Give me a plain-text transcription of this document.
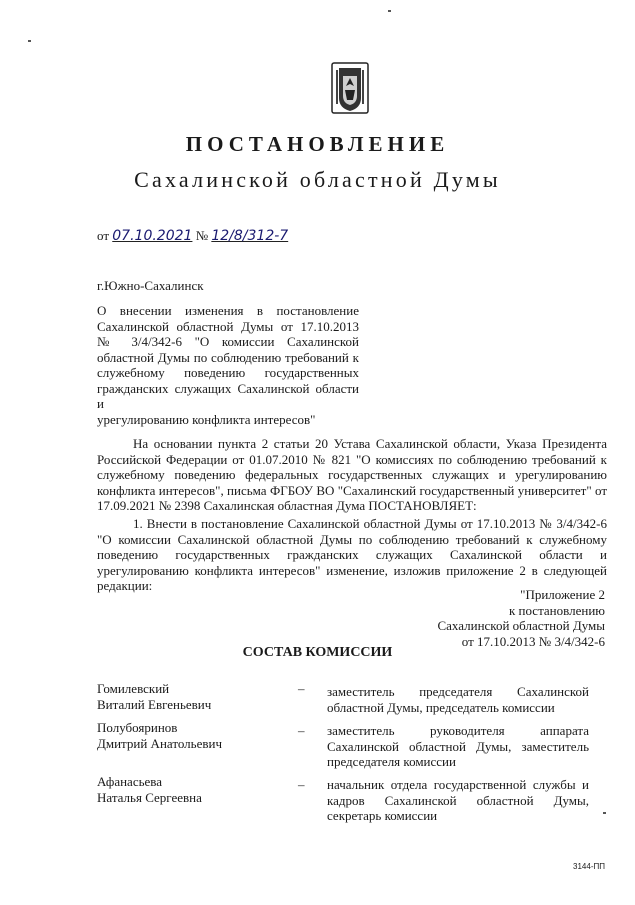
ПОСТАНОВЛЕНИЕ
Сахалинской областной Думы
от 07.10.2021 № 12/8/312-7
г.Южно-Сахалинск
О внесении изменения в постановление
Сахалинской областной Думы от 17.10.2013
№ 3/4/342-6 "О комиссии Сахалинской
областной Думы по соблюдению требований к
служебному поведению государственных
гражданских служащих Сахалинской области и
урегулированию конфликта интересов"
На основании пункта 2 статьи 20 Устава Сахалинской области, Указа Президента
Российской Федерации от 01.07.2010 № 821 "О комиссиях по соблюдению требований к
служебному поведению федеральных государственных служащих и урегулированию
конфликта интересов", письма ФГБОУ ВО "Сахалинский государственный университет" от
17.09.2021 № 2398 Сахалинская областная Дума ПОСТАНОВЛЯЕТ:
1. Внести в постановление Сахалинской областной Думы от 17.10.2013 № 3/4/342-6
"О комиссии Сахалинской областной Думы по соблюдению требований к служебному
поведению государственных гражданских служащих Сахалинской области и
урегулированию конфликта интересов" изменение, изложив приложение 2 в следующей
редакции:
"Приложение 2
к постановлению
Сахалинской областной Думы
от 17.10.2013 № 3/4/342-6
СОСТАВ КОМИССИИ
Гомилевский
Виталий Евгеньевич
– заместитель председателя Сахалинской
областной Думы, председатель комиссии
Полубояринов
Дмитрий Анатольевич
– заместитель руководителя аппарата
Сахалинской областной Думы, заместитель
председателя комиссии
Афанасьева
Наталья Сергеевна
– начальник отдела государственной службы и
кадров Сахалинской областной Думы,
секретарь комиссии
3144-ПП
